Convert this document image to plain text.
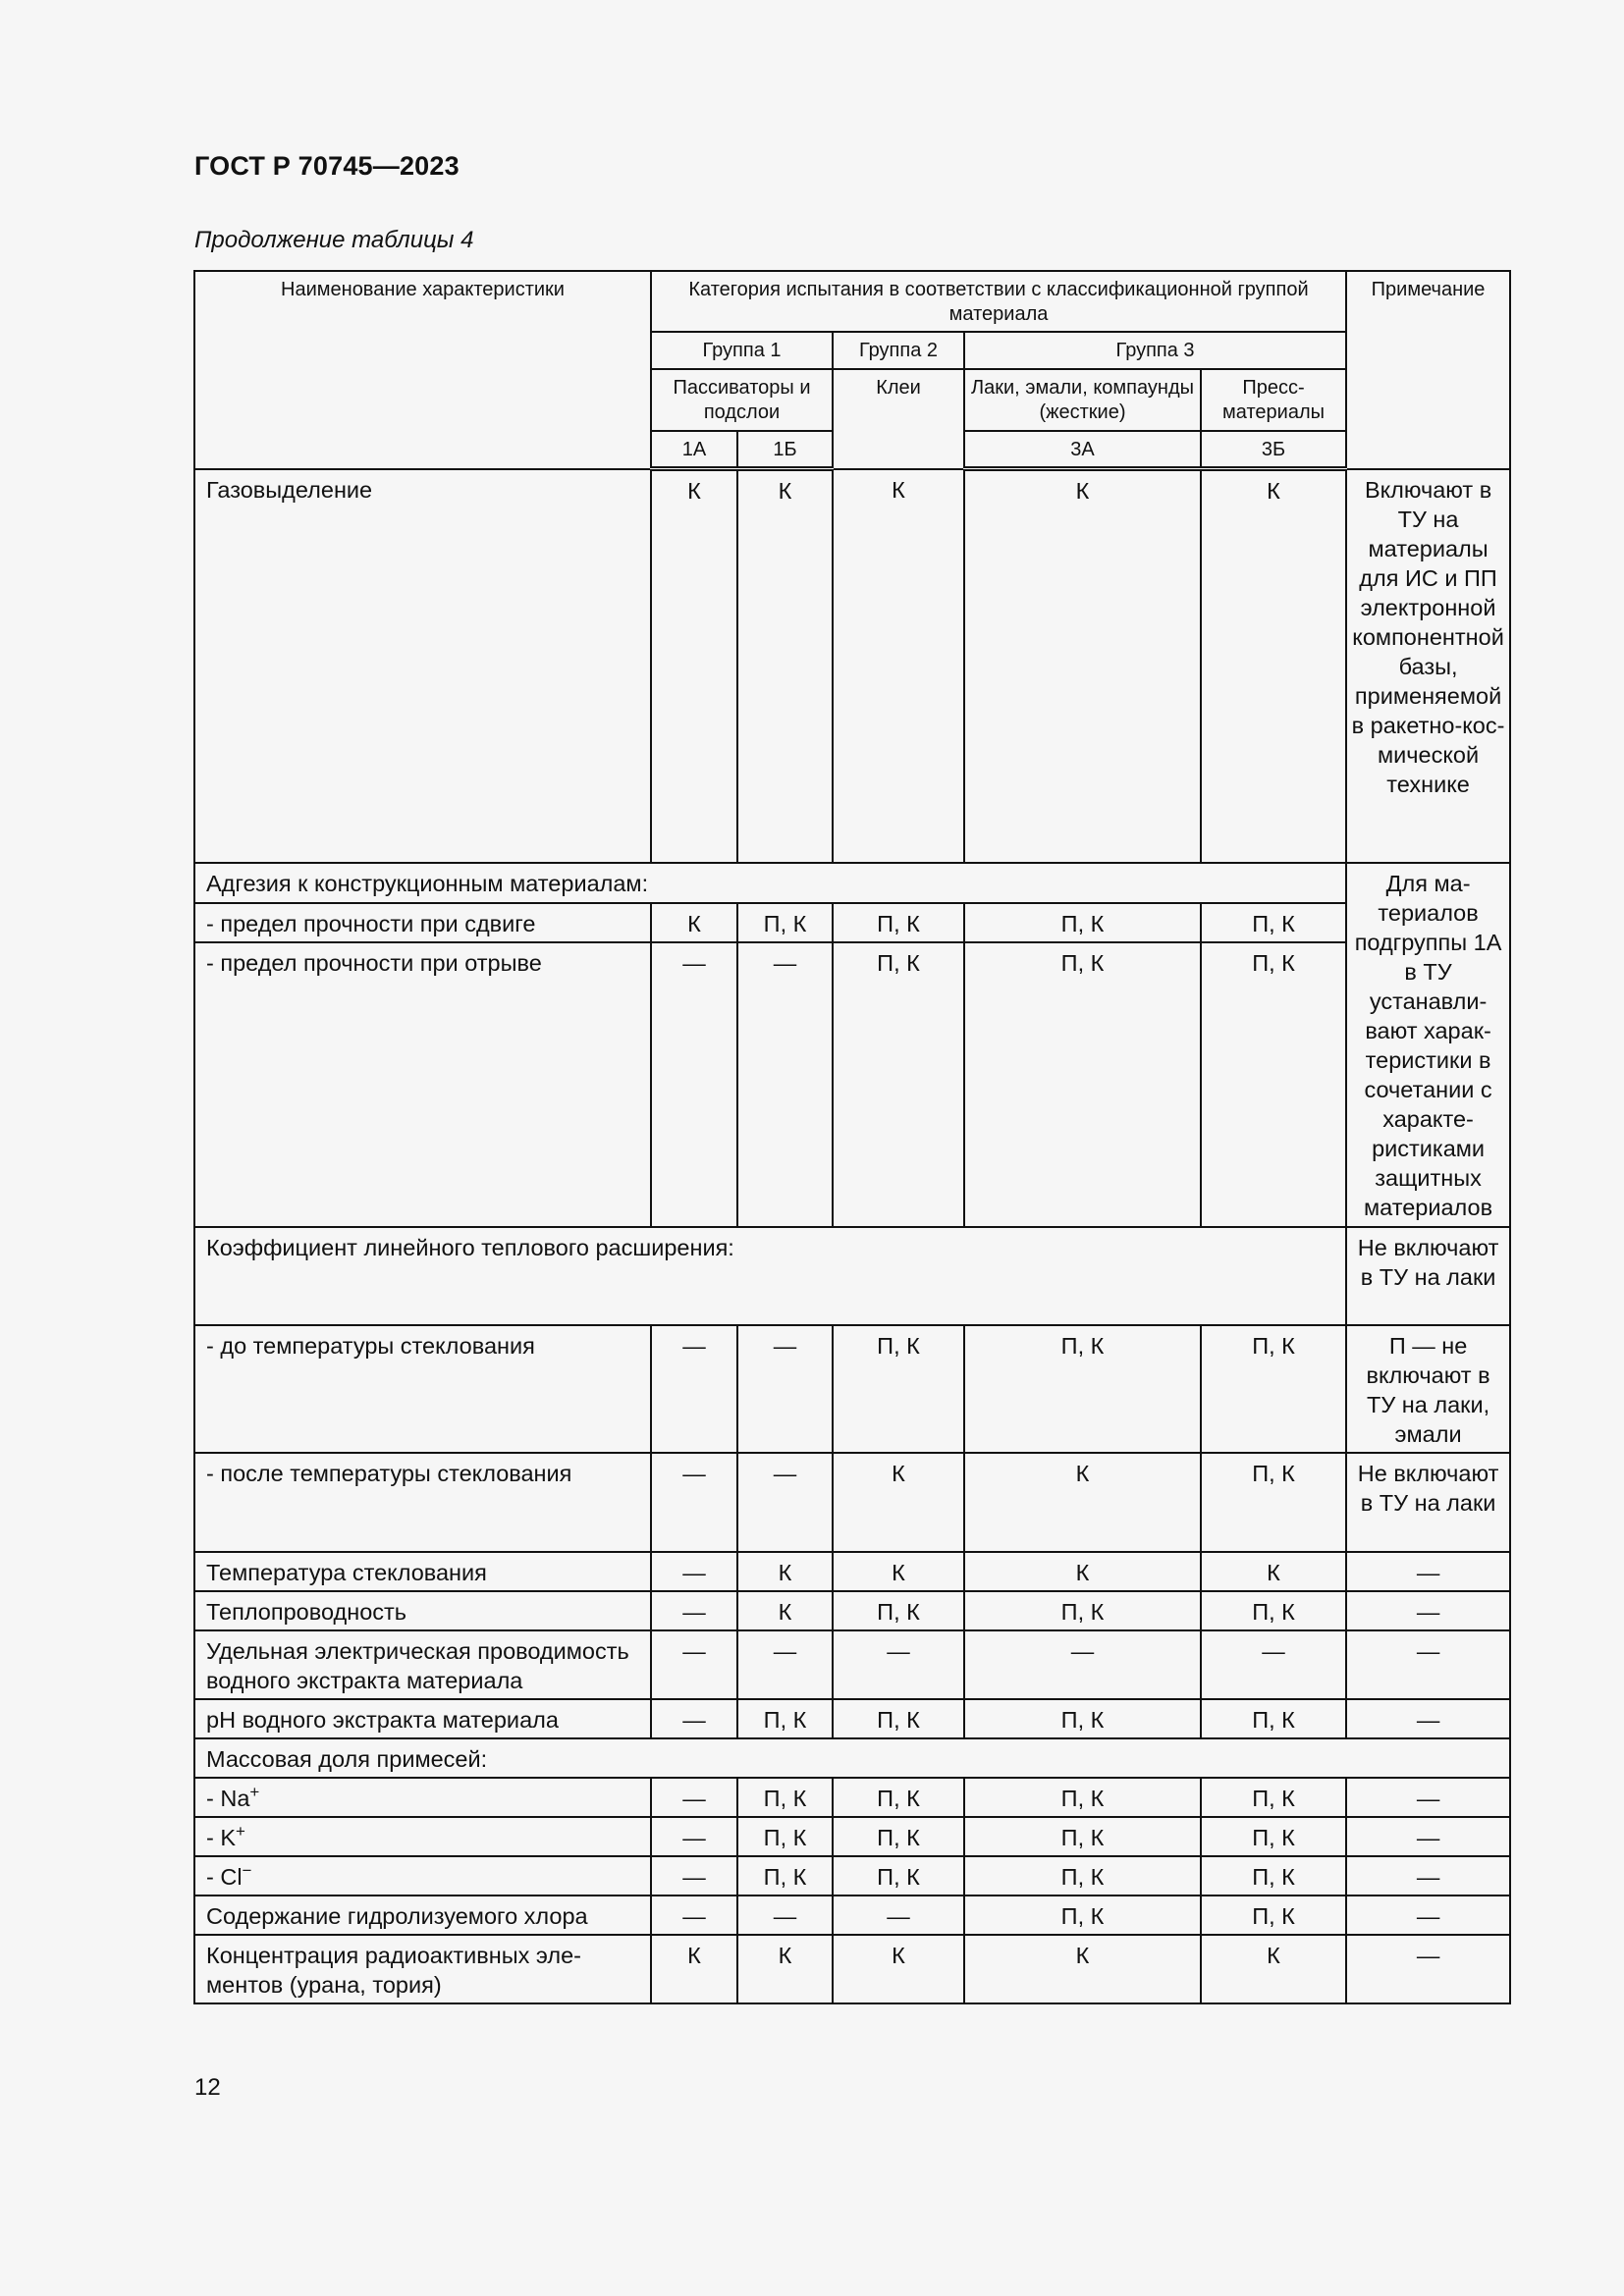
ГОСТ Р 70745—2023
Продолжение таблицы 4
Наименование характеристики	Категория испытания в соответствии с классификационной группой материала					Примечание
	Группа 1		Группа 2	Группа 3		
	Пассиваторы и подслои		Клеи	Лаки, эмали, компаунды (жесткие)	Пресс-материалы	
	1А	1Б		3А	3Б	
Газовыделение	К	К	К	К	К	Включают в ТУ на материалы для ИС и ПП электронной компонентной базы, применяемой в ракетно-космической технике
Адгезия к конструкционным материалам:						Для материалов подгруппы 1А в ТУ устанавливают характеристики в сочетании с характеристиками защитных материалов
- предел прочности при сдвиге	К	П, К	П, К	П, К	П, К	
- предел прочности при отрыве	—	—	П, К	П, К	П, К	
Коэффициент линейного теплового расширения:						Не включают в ТУ на лаки
- до температуры стеклования	—	—	П, К	П, К	П, К	П — не включают в ТУ на лаки, эмали
- после температуры стеклования	—	—	К	К	П, К	Не включают в ТУ на лаки
Температура стеклования	—	К	К	К	К	—
Теплопроводность	—	К	П, К	П, К	П, К	—
Удельная электрическая проводимость водного экстракта материала	—	—	—	—	—	—
рН водного экстракта материала	—	П, К	П, К	П, К	П, К	—
Массовая доля примесей:						
- Na+	—	П, К	П, К	П, К	П, К	—
- K+	—	П, К	П, К	П, К	П, К	—
- Cl−	—	П, К	П, К	П, К	П, К	—
Содержание гидролизуемого хлора	—	—	—	П, К	П, К	—
Концентрация радиоактивных элементов (урана, тория)	К	К	К	К	К	—
12
